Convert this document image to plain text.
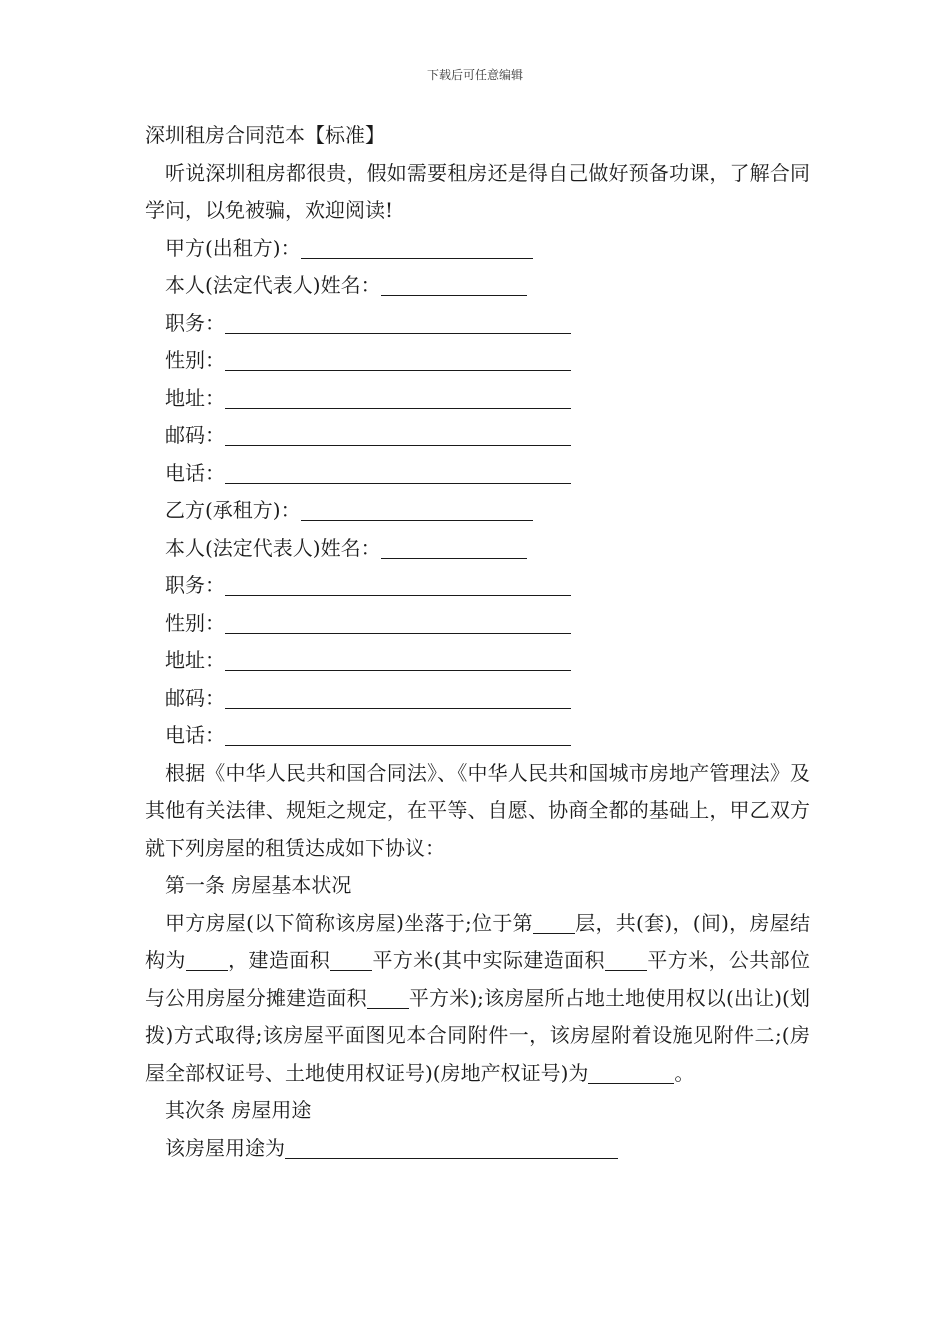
下载后可任意编辑
深圳租房合同范本【标准】
听说深圳租房都很贵，假如需要租房还是得自己做好预备功课，了解合同学问，以免被骗，欢迎阅读!
甲方(出租方)：
本人(法定代表人)姓名：
职务：
性别：
地址：
邮码：
电话：
乙方(承租方)：
本人(法定代表人)姓名：
职务：
性别：
地址：
邮码：
电话：
根据《中华人民共和国合同法》、《中华人民共和国城市房地产管理法》及其他有关法律、规矩之规定，在平等、自愿、协商全都的基础上，甲乙双方就下列房屋的租赁达成如下协议：
第一条 房屋基本状况
甲方房屋(以下简称该房屋)坐落于;位于第 层，共(套)，(间)，房屋结构为 ，建造面积 平方米(其中实际建造面积 平方米，公共部位与公用房屋分摊建造面积 平方米);该房屋所占地土地使用权以(出让)(划拨)方式取得;该房屋平面图见本合同附件一，该房屋附着设施见附件二;(房屋全部权证号、土地使用权证号)(房地产权证号)为	。
其次条 房屋用途
该房屋用途为
